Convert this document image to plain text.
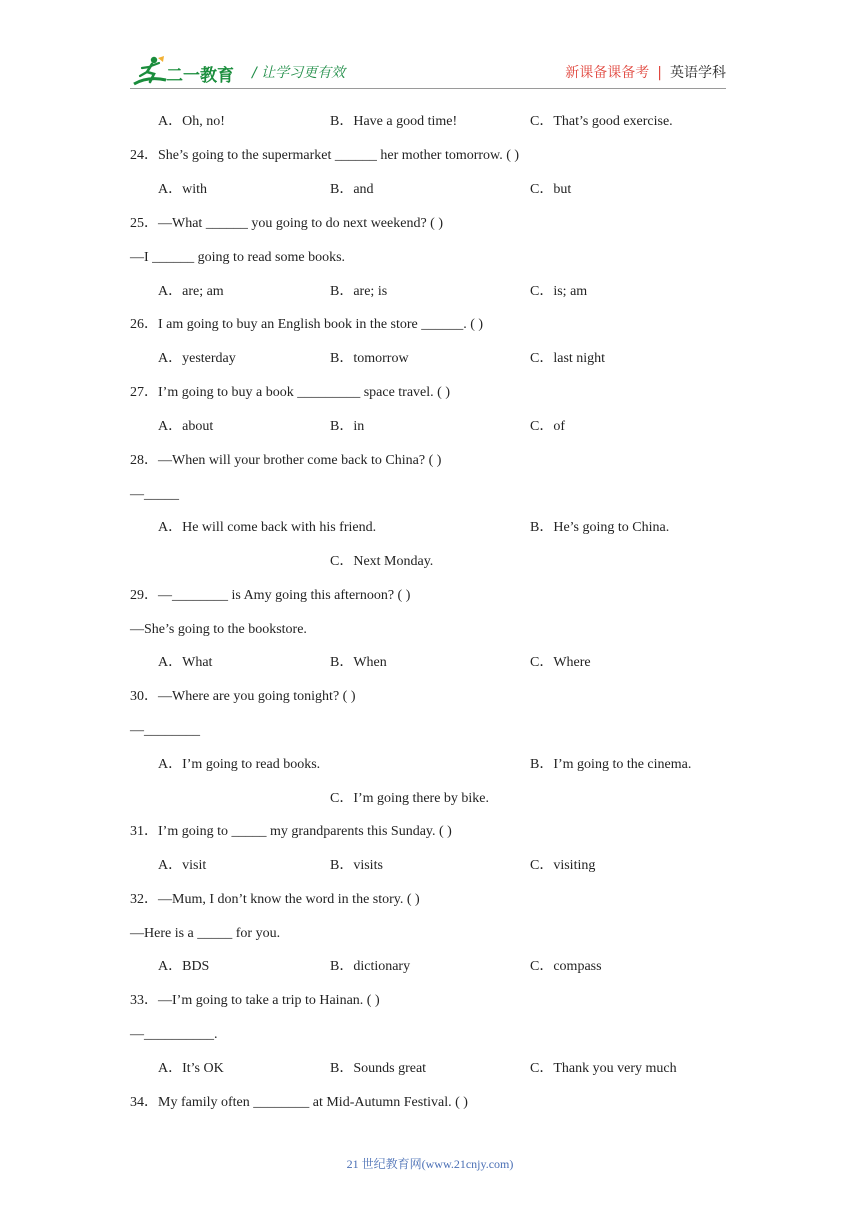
二一教育 / 让学习更有效	新课备课备考 | 英语学科
A．Oh, no!	B．Have a good time!	C．That’s good exercise.
24．She’s going to the supermarket ______ her mother tomorrow. ( )
A．with	B．and	C．but
25．—What ______ you going to do next weekend? ( )
—I ______ going to read some books.
A．are; am	B．are; is	C．is; am
26．I am going to buy an English book in the store ______. ( )
A．yesterday	B．tomorrow	C．last night
27．I’m going to buy a book _________ space travel. ( )
A．about	B．in	C．of
28．—When will your brother come back to China? ( )
—_____
A．He will come back with his friend.	B．He’s going to China.
C．Next Monday.
29．—________ is Amy going this afternoon? ( )
—She’s going to the bookstore.
A．What	B．When	C．Where
30．—Where are you going tonight? ( )
—________
A．I’m going to read books.	B．I’m going to the cinema.
C．I’m going there by bike.
31．I’m going to _____ my grandparents this Sunday. ( )
A．visit	B．visits	C．visiting
32．—Mum, I don’t know the word in the story. ( )
—Here is a _____ for you.
A．BDS	B．dictionary	C．compass
33．—I’m going to take a trip to Hainan. ( )
—__________.
A．It’s OK	B．Sounds great	C．Thank you very much
34．My family often ________ at Mid-Autumn Festival. ( )
21 世纪教育网(www.21cnjy.com)
